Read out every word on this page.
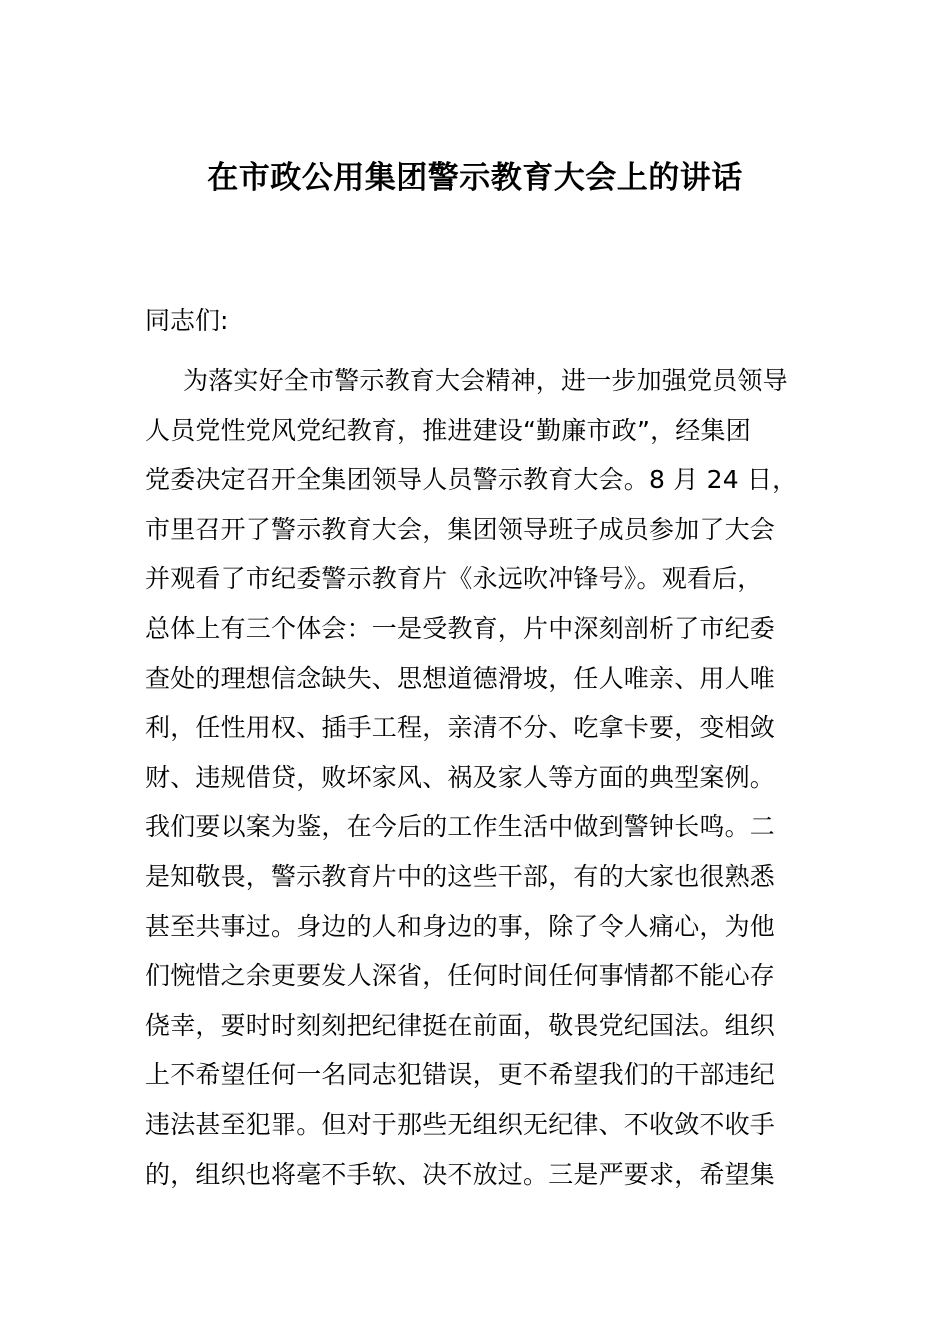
在市政公用集团警示教育大会上的讲话

同志们:

为落实好全市警示教育大会精神，进一步加强党员领导
人员党性党风党纪教育，推进建设“勤廉市政”，经集团
党委决定召开全集团领导人员警示教育大会。8 月 24 日，
市里召开了警示教育大会，集团领导班子成员参加了大会
并观看了市纪委警示教育片《永远吹冲锋号》。观看后，
总体上有三个体会：一是受教育，片中深刻剖析了市纪委
查处的理想信念缺失、思想道德滑坡，任人唯亲、用人唯
利，任性用权、插手工程，亲清不分、吃拿卡要，变相敛
财、违规借贷，败坏家风、祸及家人等方面的典型案例。
我们要以案为鉴，在今后的工作生活中做到警钟长鸣。二
是知敬畏，警示教育片中的这些干部，有的大家也很熟悉
甚至共事过。身边的人和身边的事，除了令人痛心，为他
们惋惜之余更要发人深省，任何时间任何事情都不能心存
侥幸，要时时刻刻把纪律挺在前面，敬畏党纪国法。组织
上不希望任何一名同志犯错误，更不希望我们的干部违纪
违法甚至犯罪。但对于那些无组织无纪律、不收敛不收手
的，组织也将毫不手软、决不放过。三是严要求，希望集
